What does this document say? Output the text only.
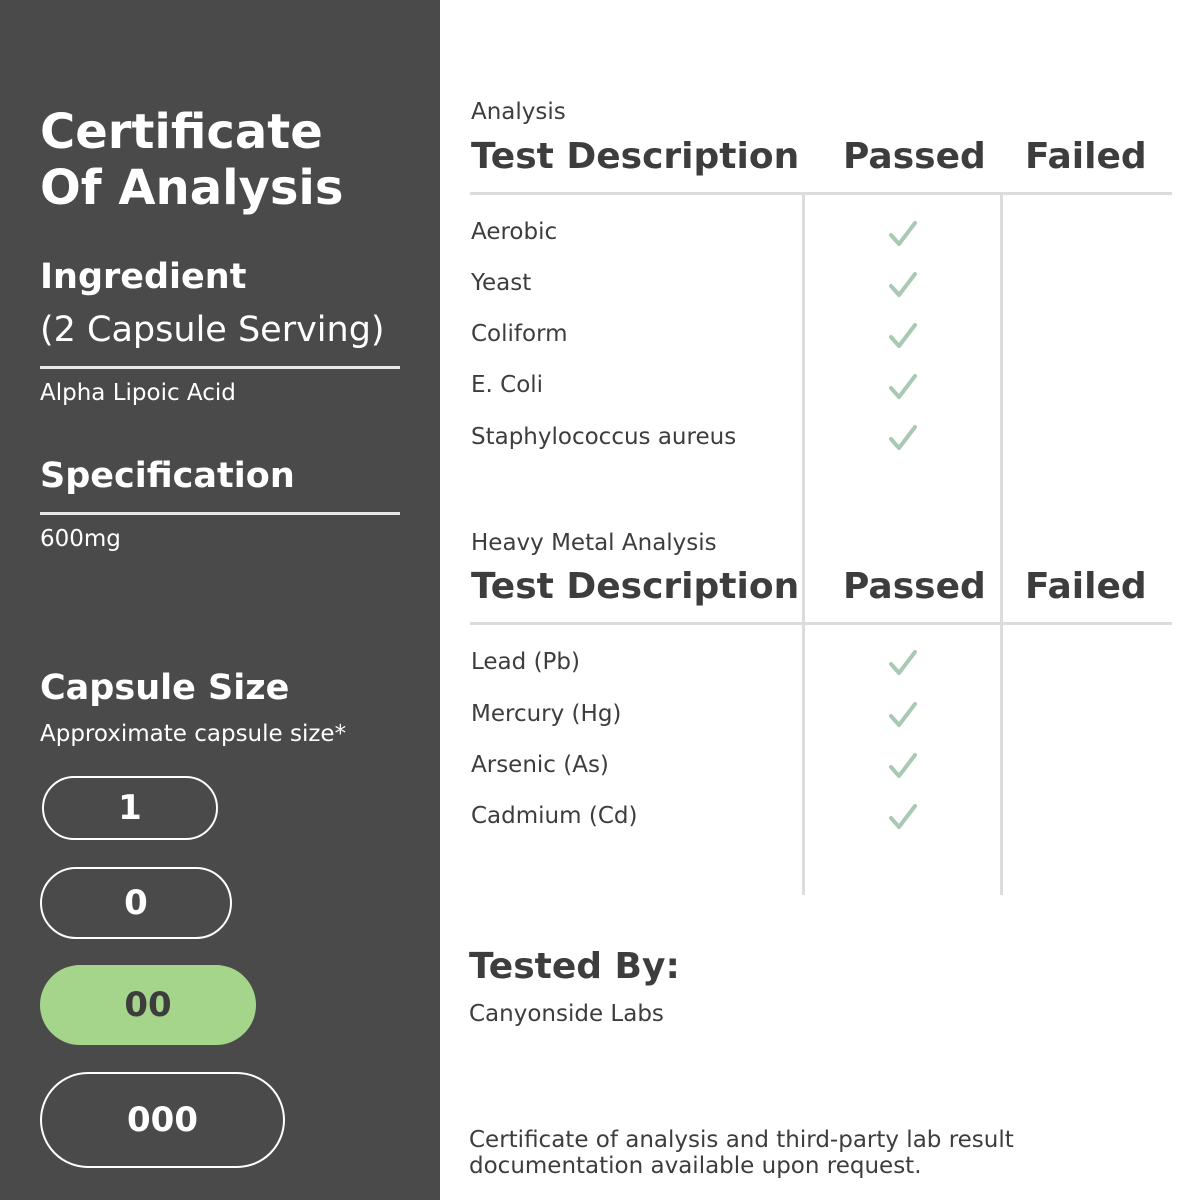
Certificate
Of Analysis
Ingredient
(2 Capsule Serving)
Alpha Lipoic Acid
Specification
600mg
Capsule Size
Approximate capsule size*
1
0
00
000
Analysis
Test Description Passed Failed
Aerobic
Yeast
Coliform
E. Coli
Staphylococcus aureus
Heavy Metal Analysis
Test Description Passed Failed
Lead (Pb)
Mercury (Hg)
Arsenic (As)
Cadmium (Cd)
Tested By:
Canyonside Labs
Certificate of analysis and third-party lab result documentation available upon request.
